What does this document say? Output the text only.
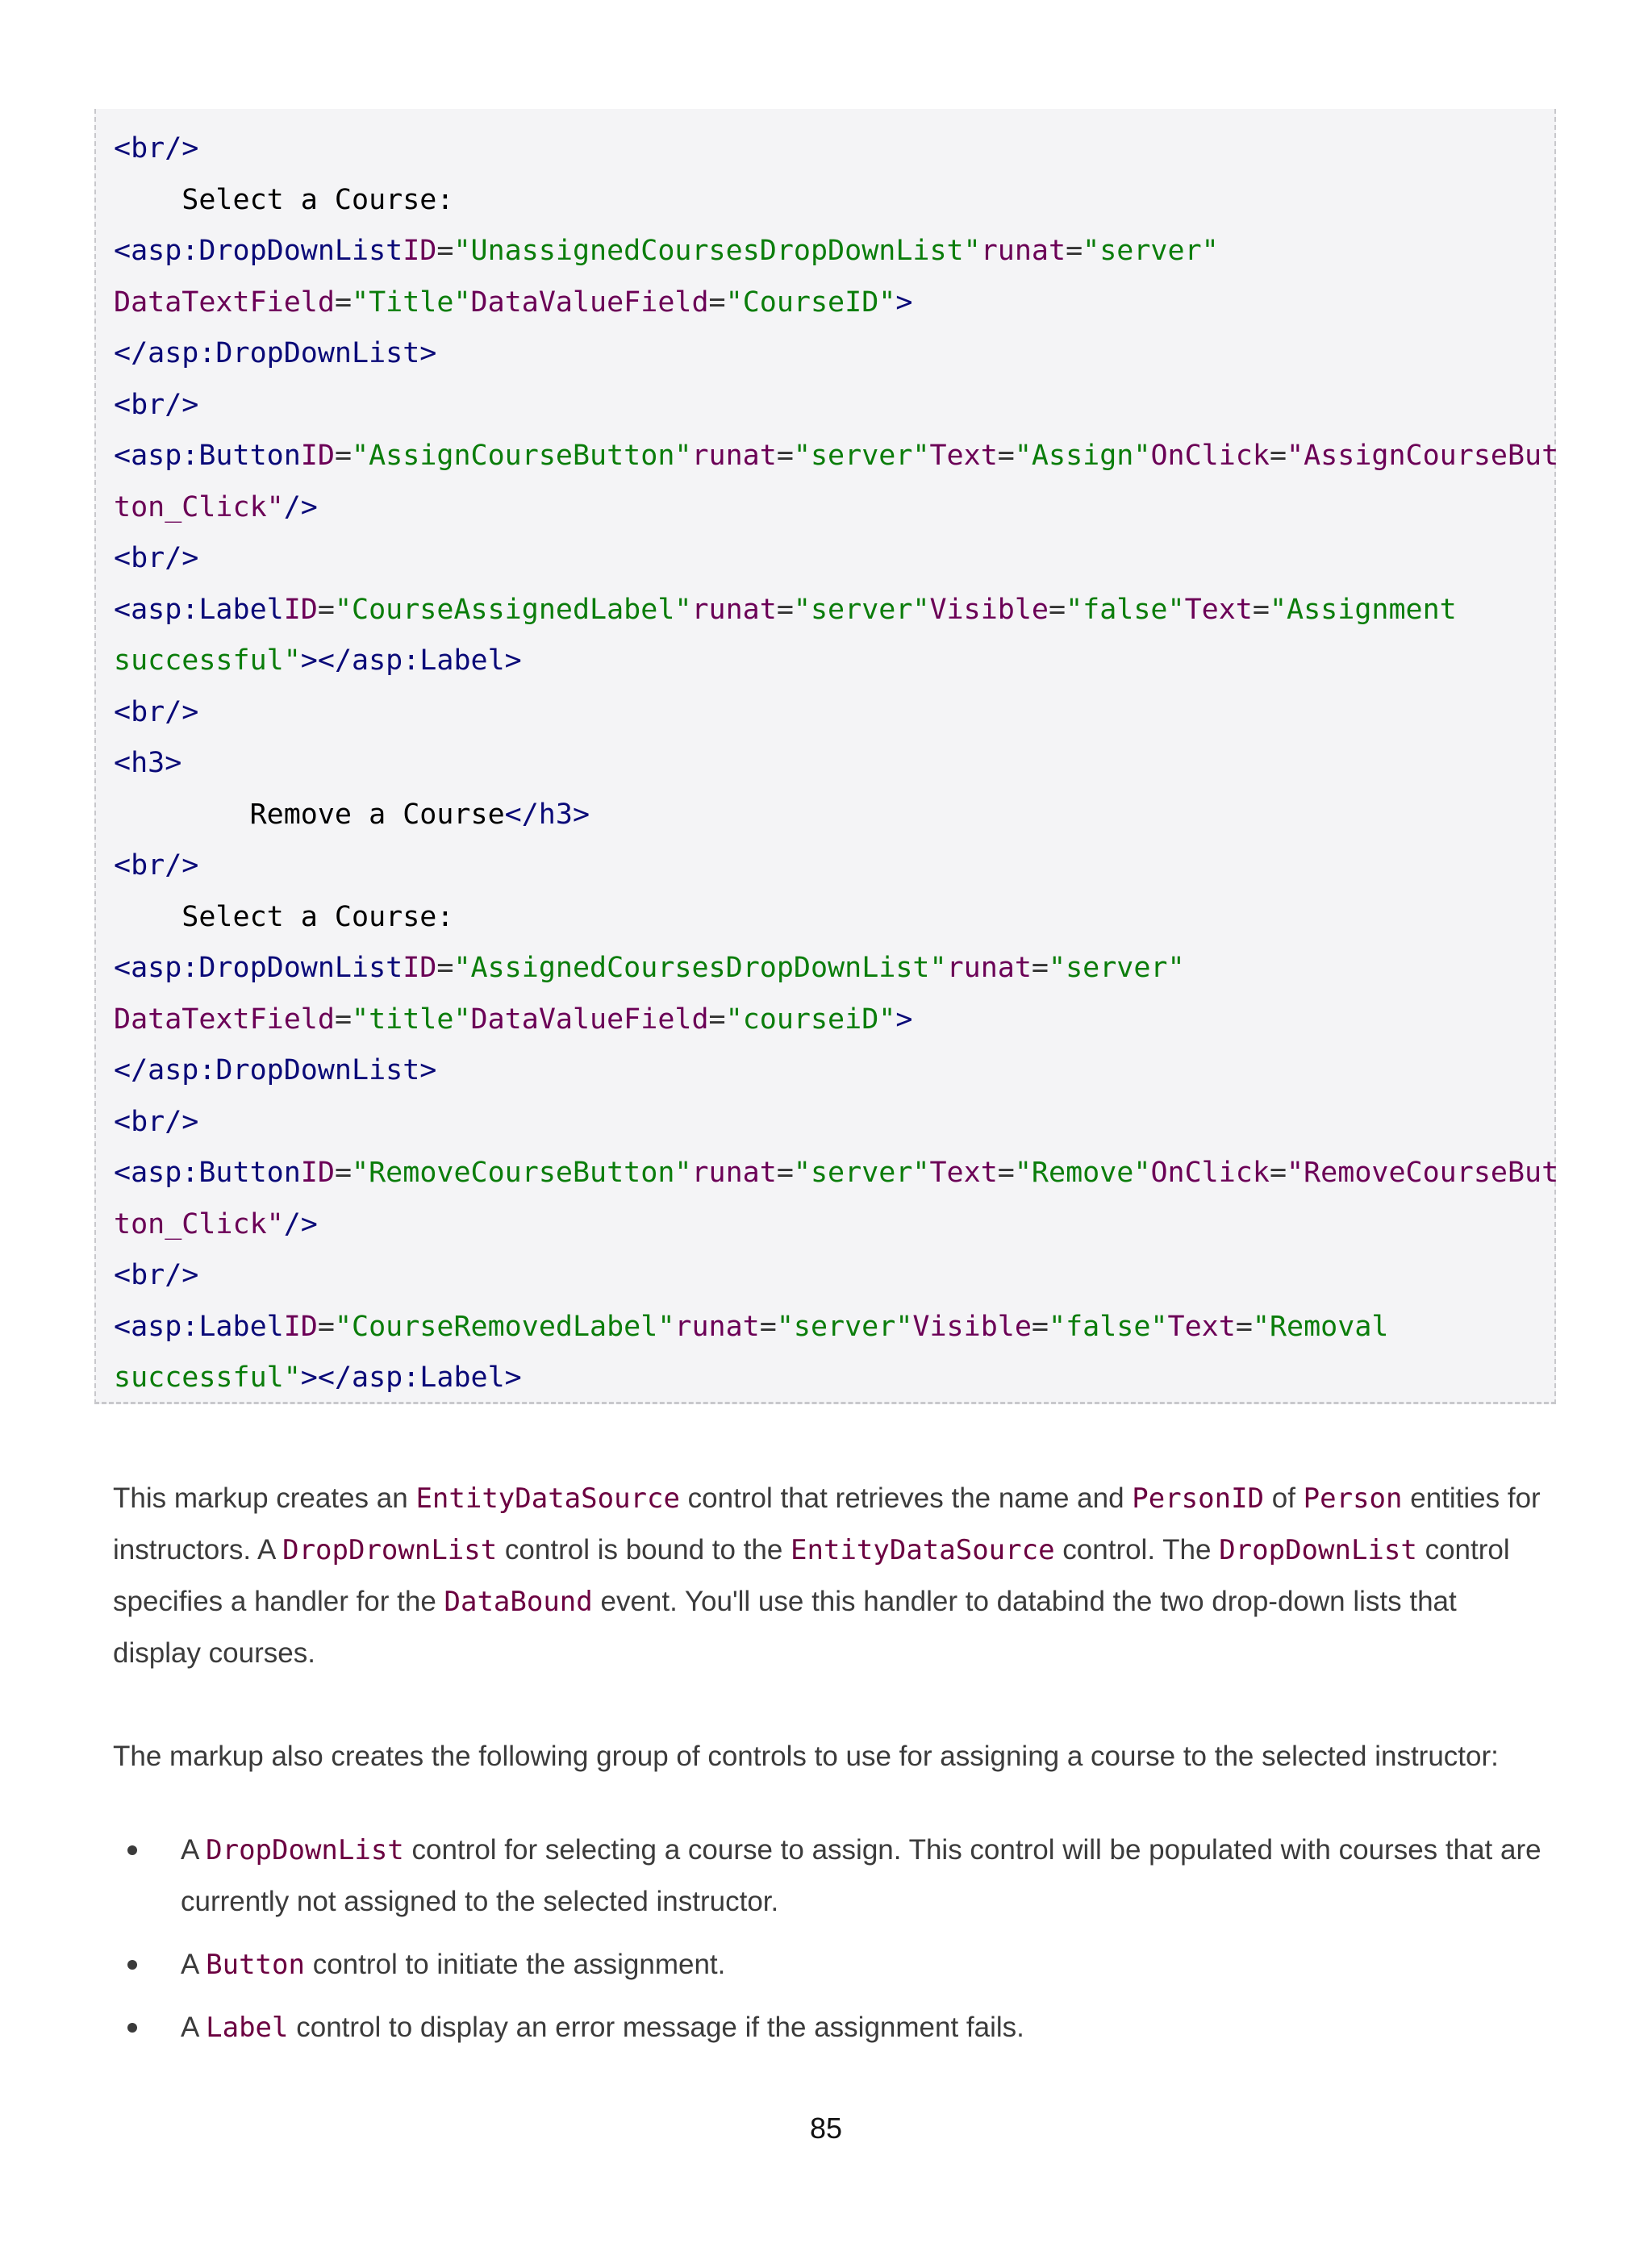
<br/>
Select a Course:
<asp:DropDownListID="UnassignedCoursesDropDownList"runat="server"
DataTextField="Title"DataValueField="CourseID">
</asp:DropDownList>
<br/>
<asp:ButtonID="AssignCourseButton"runat="server"Text="Assign"OnClick="AssignCourseBut
ton_Click"/>
<br/>
<asp:LabelID="CourseAssignedLabel"runat="server"Visible="false"Text="Assignment
successful"></asp:Label>
<br/>
<h3>
Remove a Course</h3>
<br/>
Select a Course:
<asp:DropDownListID="AssignedCoursesDropDownList"runat="server"
DataTextField="title"DataValueField="courseiD">
</asp:DropDownList>
<br/>
<asp:ButtonID="RemoveCourseButton"runat="server"Text="Remove"OnClick="RemoveCourseBut
ton_Click"/>
<br/>
<asp:LabelID="CourseRemovedLabel"runat="server"Visible="false"Text="Removal
successful"></asp:Label>

This markup creates an EntityDataSource control that retrieves the name and PersonID of Person entities for instructors. A DropDrownList control is bound to the EntityDataSource control. The DropDownList control specifies a handler for the DataBound event. You'll use this handler to databind the two drop-down lists that display courses.

The markup also creates the following group of controls to use for assigning a course to the selected instructor:

A DropDownList control for selecting a course to assign. This control will be populated with courses that are currently not assigned to the selected instructor.
A Button control to initiate the assignment.
A Label control to display an error message if the assignment fails.
85
